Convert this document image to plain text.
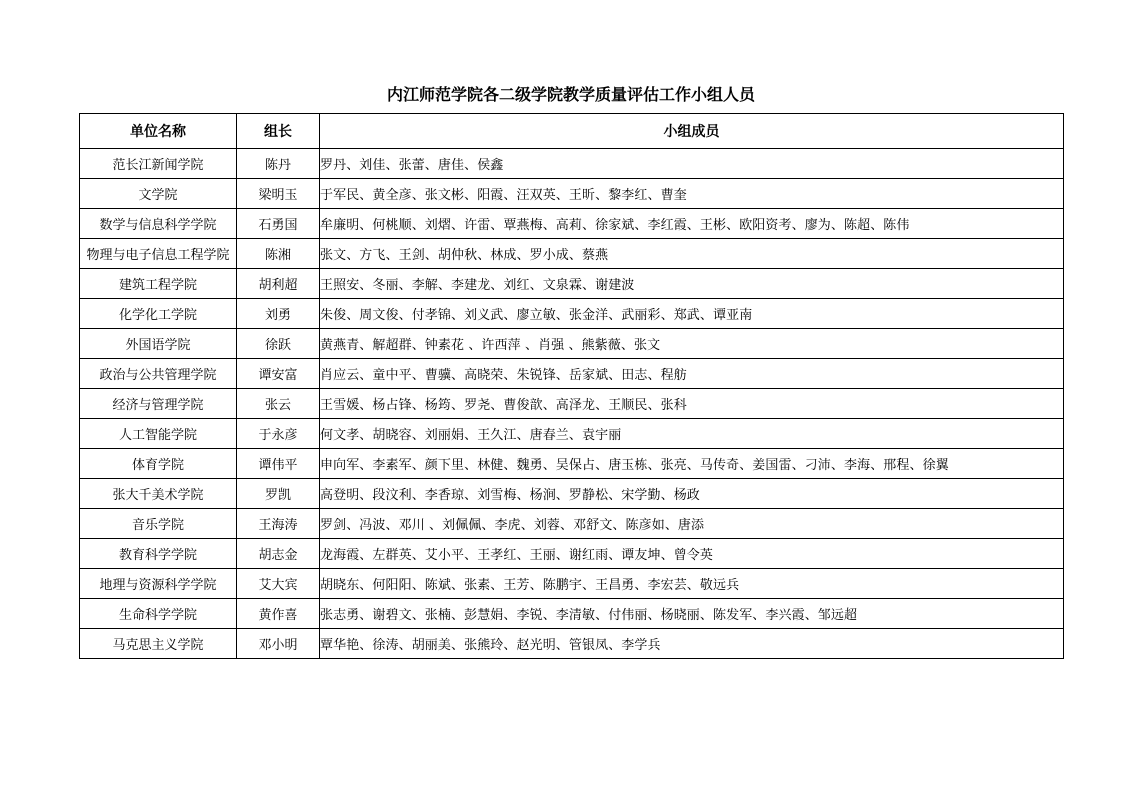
内江师范学院各二级学院教学质量评估工作小组人员
单位名称	组长	小组成员
范长江新闻学院	陈丹	罗丹、刘佳、张蕾、唐佳、侯鑫
文学院	梁明玉	于军民、黄全彦、张文彬、阳霞、汪双英、王昕、黎李红、曹奎
数学与信息科学学院	石勇国	牟廉明、何桃顺、刘熠、许雷、覃燕梅、高莉、徐家斌、李红霞、王彬、欧阳资考、廖为、陈超、陈伟
物理与电子信息工程学院	陈湘	张文、方飞、王剑、胡仲秋、林成、罗小成、蔡燕
建筑工程学院	胡利超	王照安、冬丽、李解、李建龙、刘红、文泉霖、谢建波
化学化工学院	刘勇	朱俊、周文俊、付孝锦、刘义武、廖立敏、张金洋、武丽彩、郑武、谭亚南
外国语学院	徐跃	黄燕青、解超群、钟素花 、许西萍 、肖强 、熊紫薇、张文
政治与公共管理学院	谭安富	肖应云、童中平、曹骥、高晓荣、朱锐锋、岳家斌、田志、程舫
经济与管理学院	张云	王雪媛、杨占锋、杨筠、罗尧、曹俊歆、高泽龙、王顺民、张科
人工智能学院	于永彦	何文孝、胡晓容、刘丽娟、王久江、唐春兰、袁宇丽
体育学院	谭伟平	申向军、李素军、颜下里、林健、魏勇、吴保占、唐玉栋、张亮、马传奇、姜国雷、刁沛、李海、邢程、徐翼
张大千美术学院	罗凯	高登明、段汶利、李香琼、刘雪梅、杨涧、罗静松、宋学勤、杨政
音乐学院	王海涛	罗剑、冯波、邓川 、刘佩佩、李虎、刘蓉、邓舒文、陈彦如、唐添
教育科学学院	胡志金	龙海霞、左群英、艾小平、王孝红、王丽、谢红雨、谭友坤、曾令英
地理与资源科学学院	艾大宾	胡晓东、何阳阳、陈斌、张素、王芳、陈鹏宇、王昌勇、李宏芸、敬远兵
生命科学学院	黄作喜	张志勇、谢碧文、张楠、彭慧娟、李锐、李清敏、付伟丽、杨晓丽、陈发军、李兴霞、邹远超
马克思主义学院	邓小明	覃华艳、徐涛、胡丽美、张熊玲、赵光明、管银凤、李学兵
